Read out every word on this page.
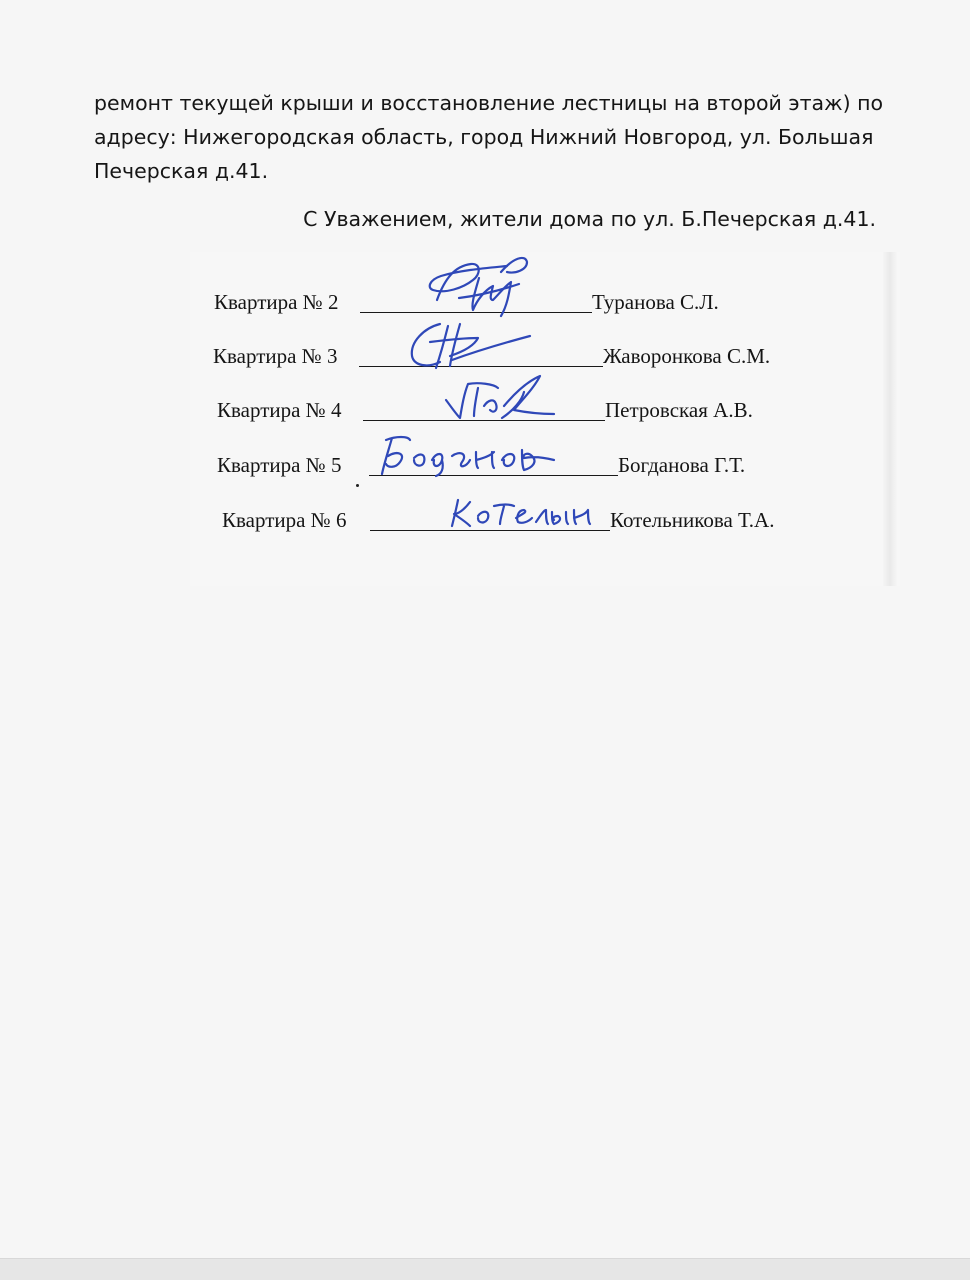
ремонт текущей крыши и восстановление лестницы на второй этаж) по адресу: Нижегородская область, город Нижний Новгород, ул. Большая Печерская д.41.

С Уважением, жители дома по ул. Б.Печерская д.41.

Квартира № 2	Туранова С.Л.
Квартира № 3	Жаворонкова С.М.
Квартира № 4	Петровская А.В.
Квартира № 5	Богданова Г.Т.
Квартира № 6	Котельникова Т.А.
